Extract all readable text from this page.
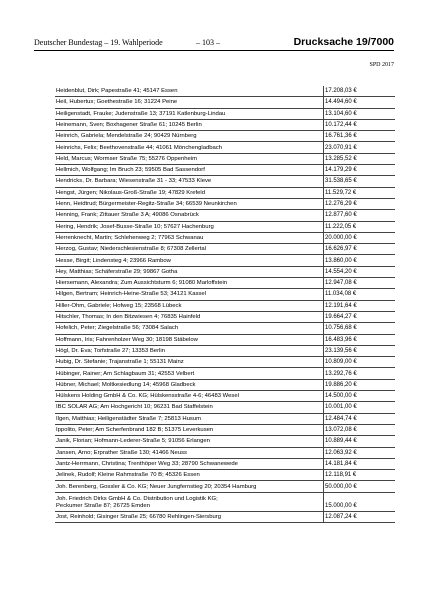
Deutscher Bundestag – 19. Wahlperiode	– 103 –	Drucksache 19/7000
SPD 2017
Heidenblut, Dirk; Papestraße 41; 45147 Essen	17.208,03 €
Heil, Hubertus; Goethestraße 16; 31224 Peine	14.494,60 €
Heiligenstadt, Frauke; Judenstraße 13; 37191 Katlenburg-Lindau	13.104,60 €
Heinemann, Sven; Boxhagener Straße 61; 10245 Berlin	10.172,44 €
Heinrich, Gabriela; Mendelstraße 24; 90429 Nürnberg	16.761,36 €
Heinrichs, Felix; Beethovenstraße 44; 41061 Mönchengladbach	23.070,91 €
Held, Marcus; Wormser Straße 75; 55276 Oppenheim	13.285,52 €
Hellmich, Wolfgang; Im Bruch 23; 59505 Bad Sassendorf	14.179,29 €
Hendricks, Dr. Barbara; Wiesenstraße 31 - 33; 47533 Kleve	31.538,65 €
Hengst, Jürgen; Nikolaus-Groß-Straße 19; 47829 Krefeld	11.529,72 €
Henn, Heidtrud; Bürgermeister-Regitz-Straße 34; 66539 Neunkirchen	12.276,29 €
Henning, Frank; Zittauer Straße 3 A; 49086 Osnabrück	12.877,60 €
Hering, Hendrik; Josef-Busse-Straße 10; 57627 Hachenburg	11.222,05 €
Herrenknecht, Martin; Schlehenweg 2; 77963 Schwanau	20.000,00 €
Herzog, Gustav; Niederschlesienstraße 8; 67308 Zellertal	16.626,97 €
Hesse, Birgit; Lindensteg 4; 23966 Rambow	13.860,00 €
Hey, Matthias; Schäferstraße 29; 99867 Gotha	14.554,20 €
Hiersemann, Alexandra; Zum Aussichtsturm 6; 91080 Marloffstein	12.947,08 €
Hilgen, Bertram; Heinrich-Heine-Straße 53; 34121 Kassel	11.034,08 €
Hiller-Ohm, Gabriele; Hofweg 15; 23568 Lübeck	12.191,64 €
Hitschler, Thomas; In den Bitzwiesen 4; 76835 Hainfeld	19.664,27 €
Hofelich, Peter; Ziegelstraße 56; 73084 Salach	10.756,68 €
Hoffmann, Iris; Fahrenholzer Weg 30; 18198 Stäbelow	16.483,96 €
Högl, Dr. Eva; Torfstraße 27; 13353 Berlin	23.139,56 €
Hubig, Dr. Stefanie; Trajanstraße 1; 55131 Mainz	10.809,00 €
Hübinger, Rainer; Am Schlagbaum 31; 42553 Velbert	13.292,76 €
Hübner, Michael; Moltkesiedlung 14; 45968 Gladbeck	19.886,20 €
Hülskens Holding GmbH & Co. KG; Hülskensstraße 4-6; 46483 Wesel	14.500,00 €
IBC SOLAR AG; Am Hochgericht 10; 96231 Bad Staffelstein	10.001,00 €
Ilgen, Matthias; Heiligenstädter Straße 7; 25813 Husum	12.484,74 €
Ippolito, Peter; Am Scherfenbrand 182 B; 51375 Leverkusen	13.072,08 €
Janik, Florian; Hofmann-Lederer-Straße 5; 91056 Erlangen	10.889,44 €
Jansen, Arno; Erprather Straße 130; 41466 Neuss	12.063,92 €
Jantz-Herrmann, Christina; Trenthöper Weg 33; 28790 Schwanewede	14.181,84 €
Jelinek, Rudolf; Kleine Rahmstraße 70 B; 45326 Essen	12.118,91 €
Joh. Berenberg, Gossler & Co. KG; Neuer Jungfernstieg 20; 20354 Hamburg	50.000,00 €
Joh. Friedrich Dirks GmbH & Co. Distribution und Logistik KG;
Peckumer Straße 87; 26725 Emden	15.000,00 €
Jost, Reinhold; Gisinger Straße 25; 66780 Rehlingen-Siersburg	12.087,24 €
